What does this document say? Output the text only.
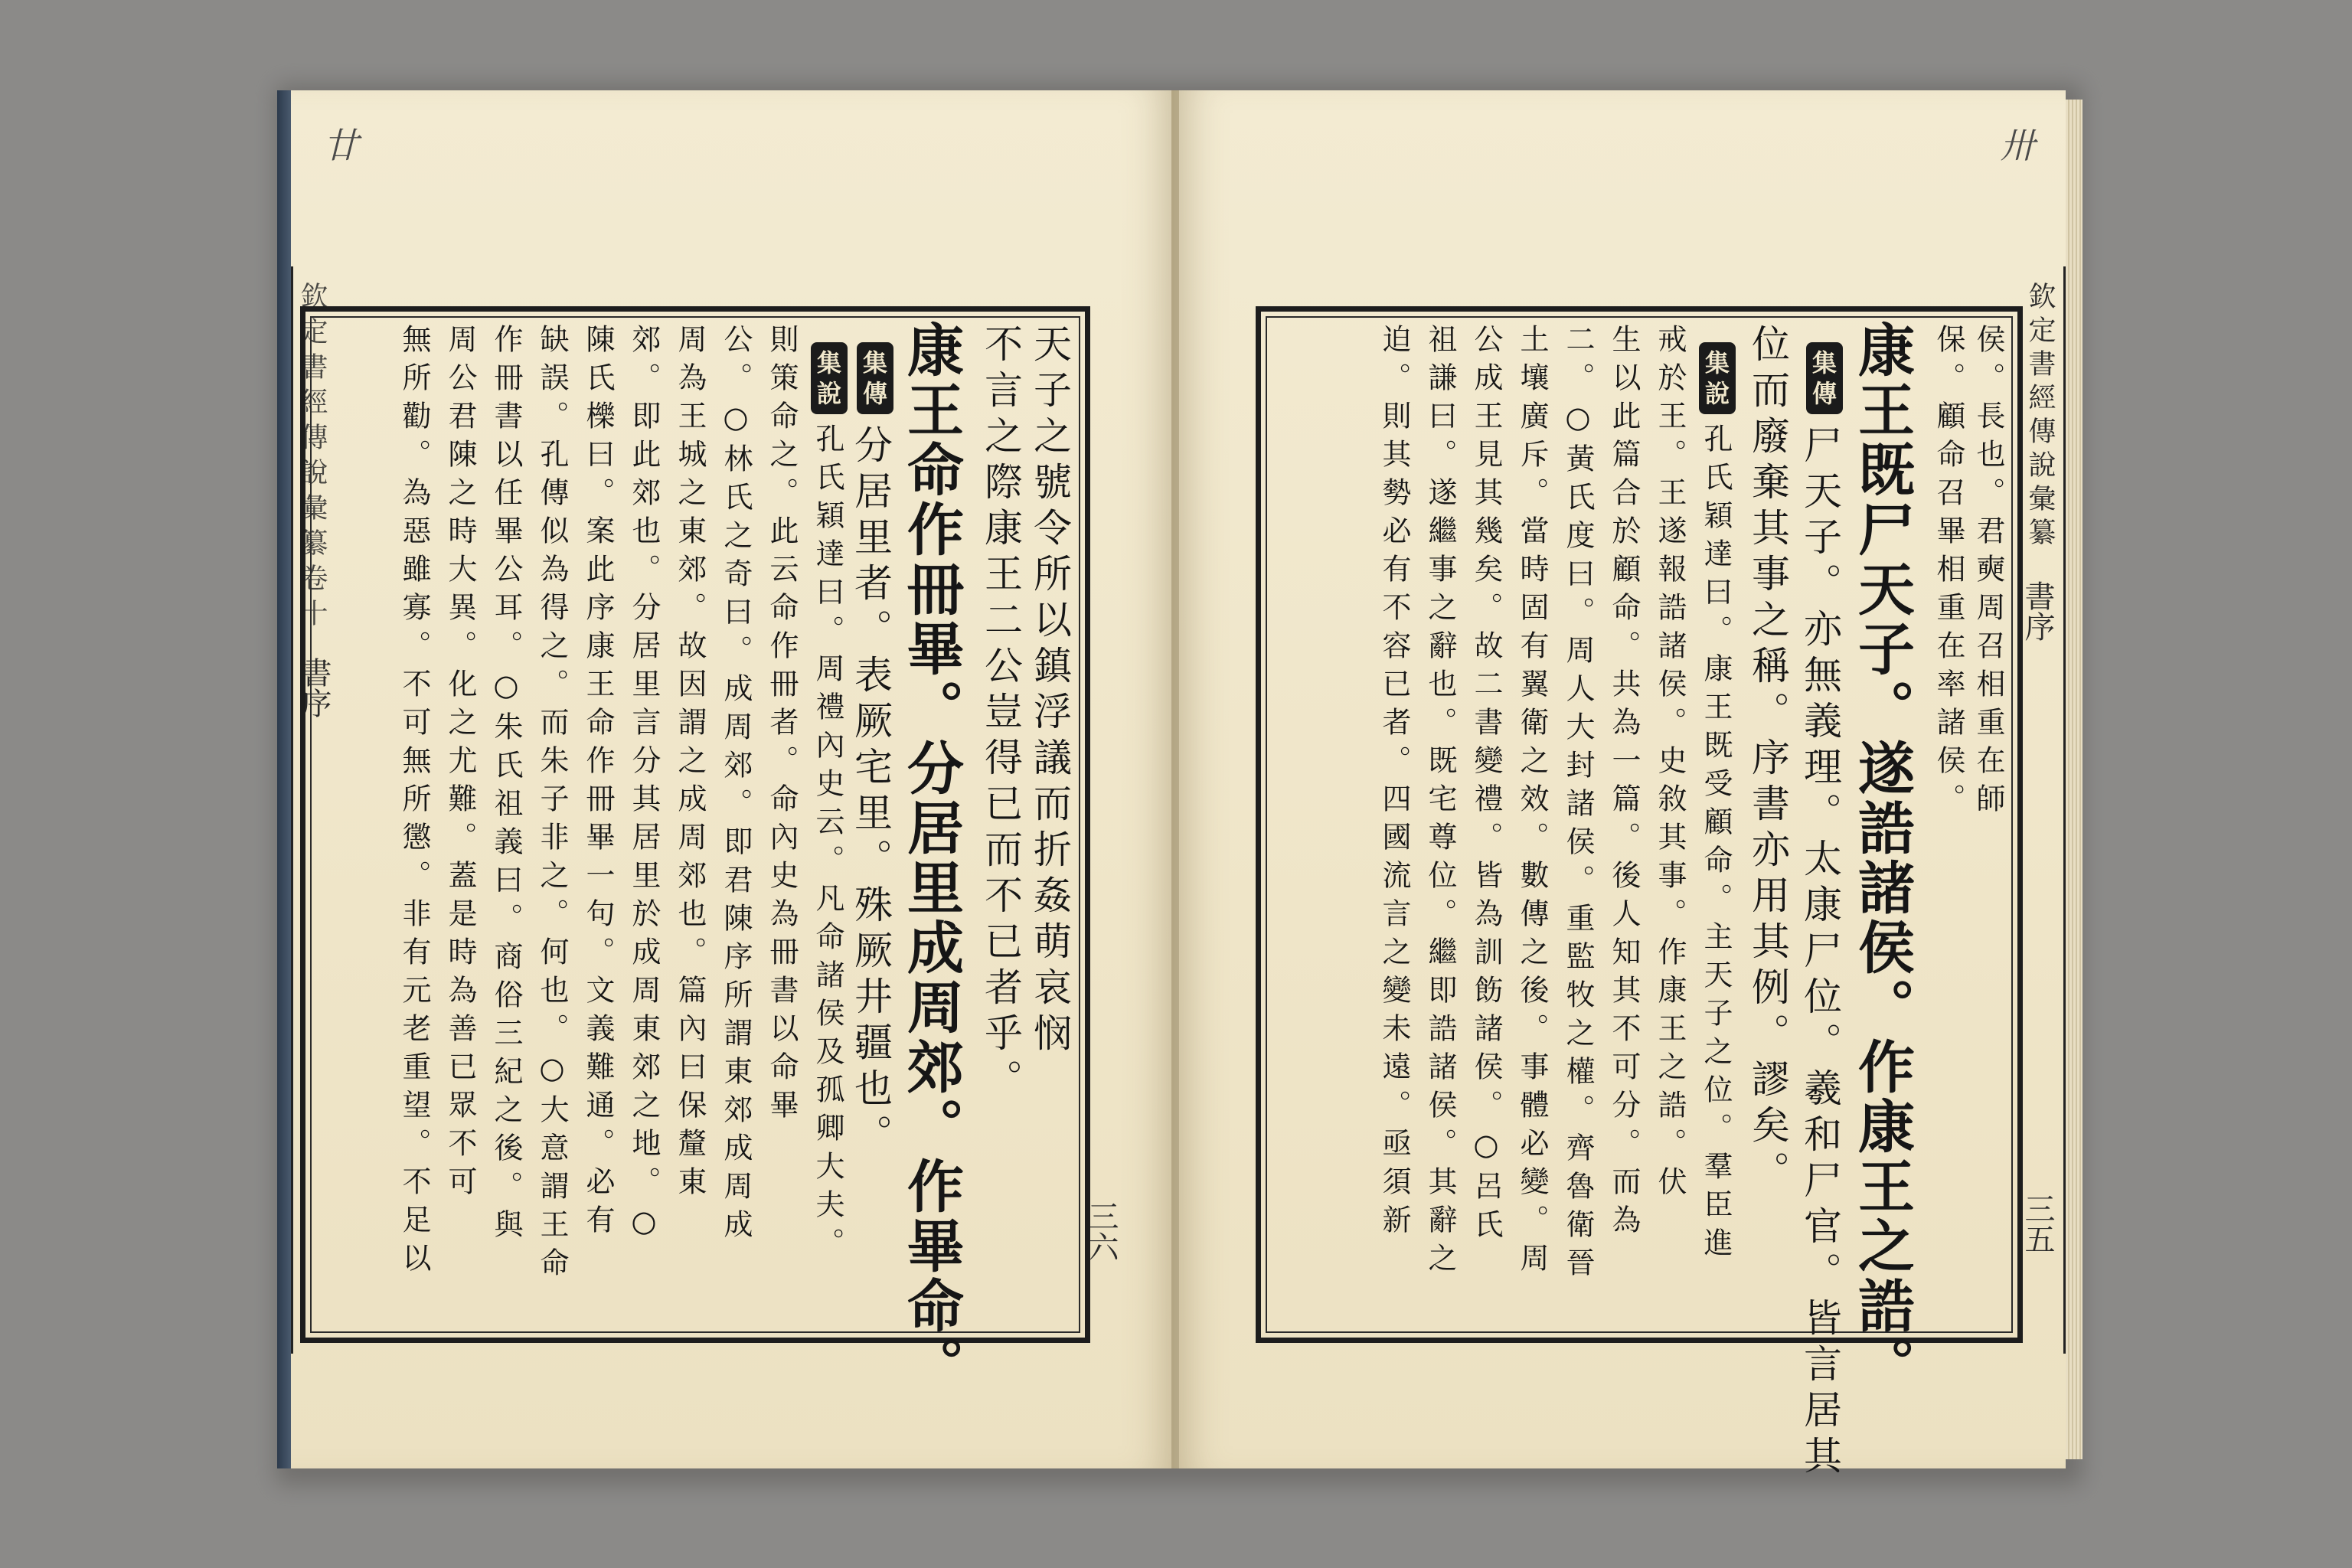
廿
欽定書經傳說彙纂卷十
書序
三六
天子之號令所以鎮浮議而折姦萌哀悯
不言之際康王二公豈得已而不已者乎。
康王命作冊畢。分居里成周郊。作畢命。
集
傳
分居里者。表厥宅里。殊厥井疆也。
集
說
孔氏穎達曰。周禮內史云。凡命諸侯及孤卿大夫。
則策命之。此云命作冊者。命內史為冊書以命畢
公。○林氏之奇曰。成周郊。即君陳序所謂東郊成周成
周為王城之東郊。故因謂之成周郊也。篇內曰保釐東
郊。即此郊也。分居里言分其居里於成周東郊之地。○
陳氏櫟曰。案此序康王命作冊畢一句。文義難通。必有
缺誤。孔傳似為得之。而朱子非之。何也。○大意謂王命
作冊書以任畢公耳。○朱氏祖義曰。商俗三紀之後。與
周公君陳之時大異。化之尤難。蓋是時為善已眾不可
無所勸。為惡雖寡。不可無所懲。非有元老重望。不足以
卅
欽定書經傳說彙纂
書序
三五
侯。長也。君奭周召相重在師
保。顧命召畢相重在率諸侯。
康王既尸天子。遂誥諸侯。作康王之誥。
集
傳
尸天子。亦無義理。太康尸位。羲和尸官。皆言居其
位而廢棄其事之稱。序書亦用其例。謬矣。
集
說
孔氏穎達曰。康王既受顧命。主天子之位。羣臣進
戒於王。王遂報誥諸侯。史敘其事。作康王之誥。伏
生以此篇合於顧命。共為一篇。後人知其不可分。而為
二。○黃氏度曰。周人大封諸侯。重監牧之權。齊魯衛晉
土壤廣斥。當時固有翼衛之效。數傳之後。事體必變。周
公成王見其幾矣。故二書變禮。皆為訓飭諸侯。○呂氏
祖謙曰。遂繼事之辭也。既宅尊位。繼即誥諸侯。其辭之
迫。則其勢必有不容已者。四國流言之變未遠。亟須新
